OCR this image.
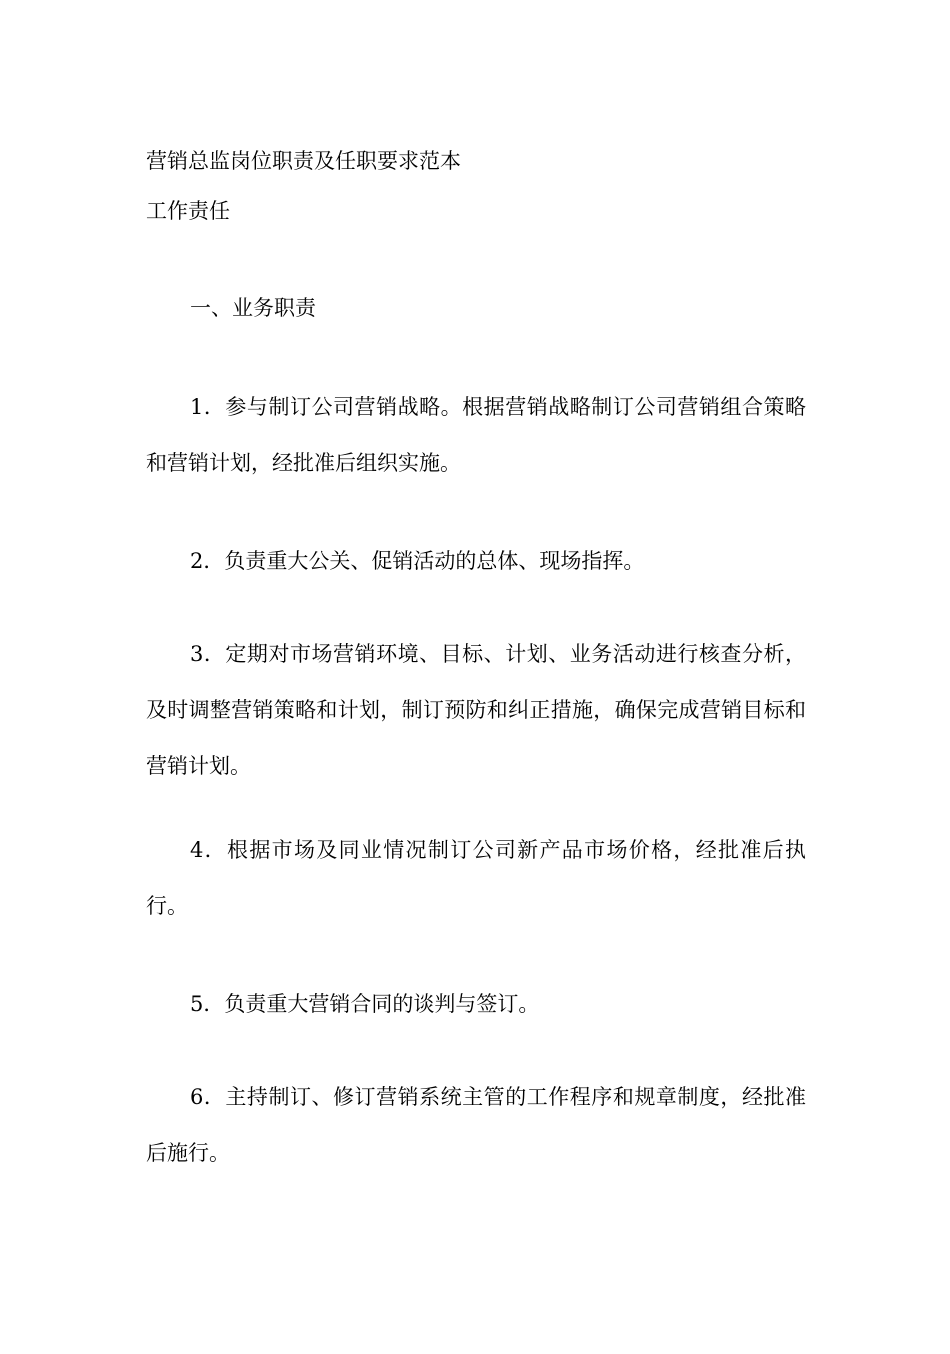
营销总监岗位职责及任职要求范本

工作责任

一、业务职责

1．参与制订公司营销战略。根据营销战略制订公司营销组合策略和营销计划，经批准后组织实施。

2．负责重大公关、促销活动的总体、现场指挥。

3．定期对市场营销环境、目标、计划、业务活动进行核查分析，及时调整营销策略和计划，制订预防和纠正措施，确保完成营销目标和营销计划。

4．根据市场及同业情况制订公司新产品市场价格，经批准后执行。

5．负责重大营销合同的谈判与签订。

6．主持制订、修订营销系统主管的工作程序和规章制度，经批准后施行。
